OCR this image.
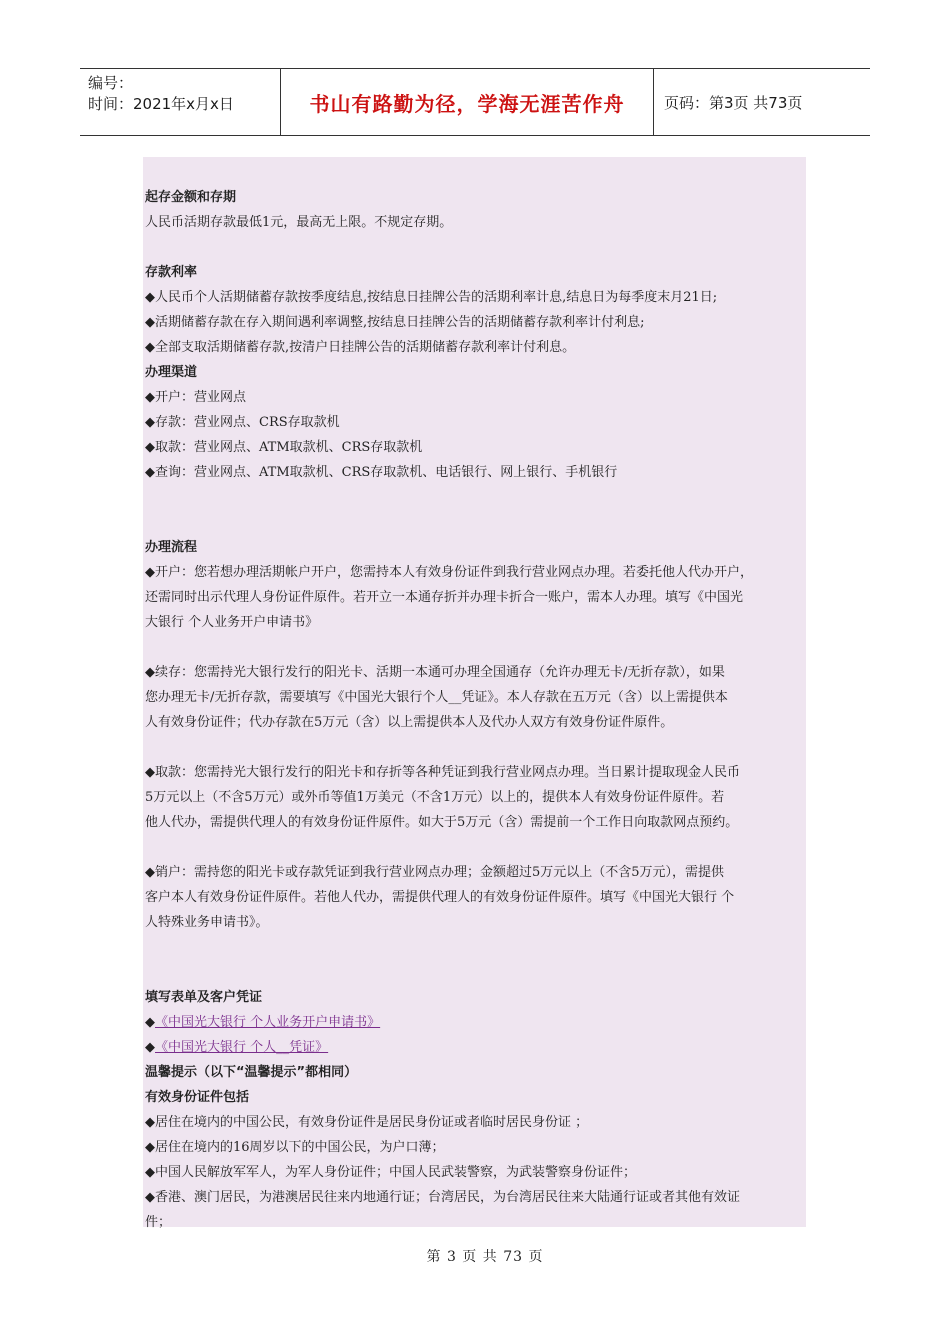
编号：
时间：2021年x月x日	书山有路勤为径，学海无涯苦作舟	页码：第3页 共73页

起存金额和存期

人民币活期存款最低1元，最高无上限。不规定存期。

存款利率

◆人民币个人活期储蓄存款按季度结息,按结息日挂牌公告的活期利率计息,结息日为每季度末月21日;

◆活期储蓄存款在存入期间遇利率调整,按结息日挂牌公告的活期储蓄存款利率计付利息;

◆全部支取活期储蓄存款,按清户日挂牌公告的活期储蓄存款利率计付利息。

办理渠道

◆开户：营业网点

◆存款：营业网点、CRS存取款机

◆取款：营业网点、ATM取款机、CRS存取款机

◆查询：营业网点、ATM取款机、CRS存取款机、电话银行、网上银行、手机银行

办理流程

◆开户：您若想办理活期帐户开户，您需持本人有效身份证件到我行营业网点办理。若委托他人代办开户，

还需同时出示代理人身份证件原件。若开立一本通存折并办理卡折合一账户，需本人办理。填写《中国光

大银行 个人业务开户申请书》

◆续存：您需持光大银行发行的阳光卡、活期一本通可办理全国通存（允许办理无卡/无折存款），如果

您办理无卡/无折存款，需要填写《中国光大银行个人__凭证》。本人存款在五万元（含）以上需提供本

人有效身份证件；代办存款在5万元（含）以上需提供本人及代办人双方有效身份证件原件。

◆取款：您需持光大银行发行的阳光卡和存折等各种凭证到我行营业网点办理。当日累计提取现金人民币

5万元以上（不含5万元）或外币等值1万美元（不含1万元）以上的，提供本人有效身份证件原件。若

他人代办，需提供代理人的有效身份证件原件。如大于5万元（含）需提前一个工作日向取款网点预约。

◆销户：需持您的阳光卡或存款凭证到我行营业网点办理；金额超过5万元以上（不含5万元），需提供

客户本人有效身份证件原件。若他人代办，需提供代理人的有效身份证件原件。填写《中国光大银行 个

人特殊业务申请书》。

填写表单及客户凭证

◆《中国光大银行 个人业务开户申请书》

◆《中国光大银行 个人__凭证》

温馨提示（以下“温馨提示”都相同）

有效身份证件包括

◆居住在境内的中国公民，有效身份证件是居民身份证或者临时居民身份证 ；

◆居住在境内的16周岁以下的中国公民，为户口薄；

◆中国人民解放军军人，为军人身份证件；中国人民武装警察，为武装警察身份证件；

◆香港、澳门居民，为港澳居民往来内地通行证；台湾居民，为台湾居民往来大陆通行证或者其他有效证

件；

第 3 页 共 73 页
